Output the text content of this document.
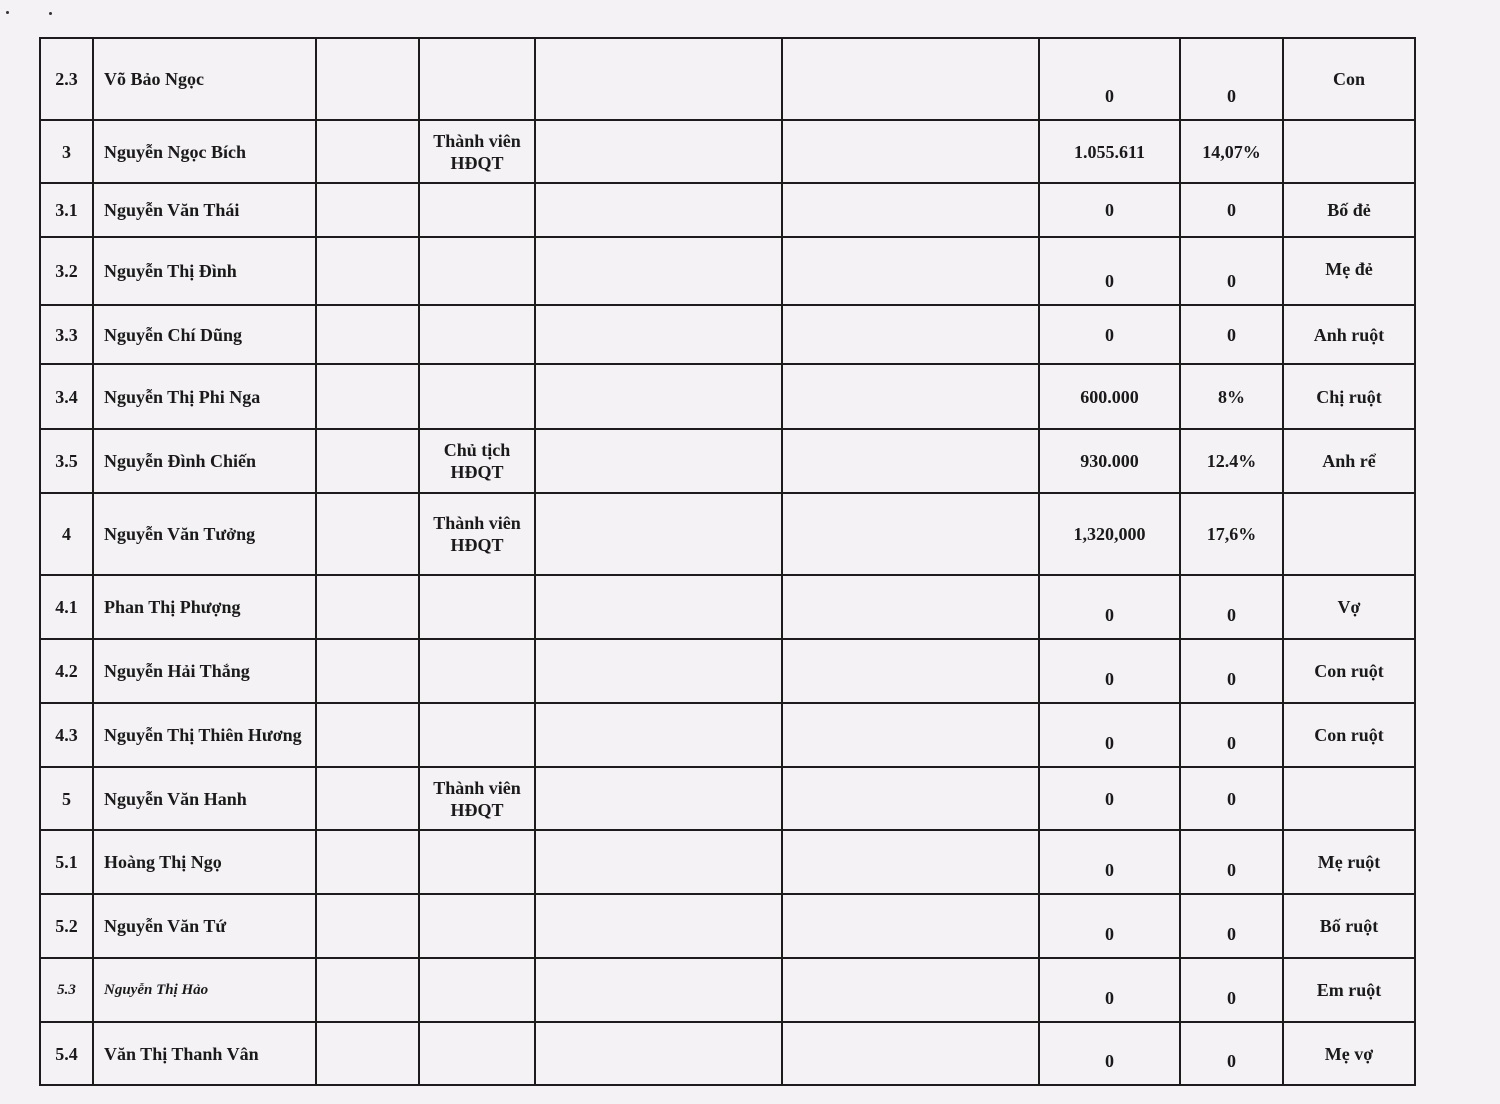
2.3	Võ Bảo Ngọc					0	0	Con
3	Nguyễn Ngọc Bích		Thành viên HĐQT			1.055.611	14,07%	
3.1	Nguyễn Văn Thái					0	0	Bố đẻ
3.2	Nguyễn Thị Đình					0	0	Mẹ đẻ
3.3	Nguyễn Chí Dũng					0	0	Anh ruột
3.4	Nguyễn Thị Phi Nga					600.000	8%	Chị ruột
3.5	Nguyễn Đình Chiến		Chủ tịch HĐQT			930.000	12.4%	Anh rể
4	Nguyễn Văn Tưởng		Thành viên HĐQT			1,320,000	17,6%	
4.1	Phan Thị Phượng					0	0	Vợ
4.2	Nguyễn Hải Thắng					0	0	Con ruột
4.3	Nguyễn Thị Thiên Hương					0	0	Con ruột
5	Nguyễn Văn Hanh		Thành viên HĐQT			0	0	
5.1	Hoàng Thị Ngọ					0	0	Mẹ ruột
5.2	Nguyễn Văn Tứ					0	0	Bố ruột
5.3	Nguyễn Thị Hảo					0	0	Em ruột
5.4	Văn Thị Thanh Vân					0	0	Mẹ vợ
